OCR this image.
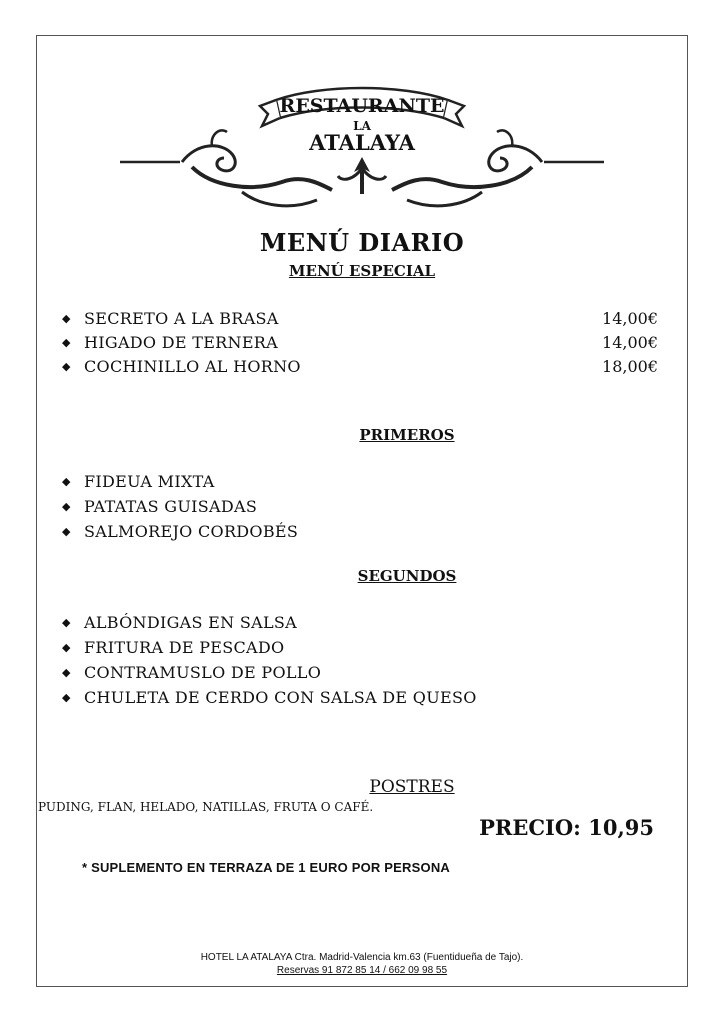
RESTAURANTE
LA
ATALAYA
MENÚ DIARIO
MENÚ ESPECIAL
◆ SECRETO A LA BRASA	14,00€
◆ HIGADO DE TERNERA	14,00€
◆ COCHINILLO AL HORNO	18,00€
PRIMEROS
◆ FIDEUA MIXTA
◆ PATATAS GUISADAS
◆ SALMOREJO CORDOBÉS
SEGUNDOS
◆ ALBÓNDIGAS EN SALSA
◆ FRITURA DE PESCADO
◆ CONTRAMUSLO DE POLLO
◆ CHULETA DE CERDO CON SALSA DE QUESO
POSTRES
PUDING, FLAN, HELADO, NATILLAS, FRUTA O CAFÉ.
PRECIO: 10,95
* SUPLEMENTO EN TERRAZA DE 1 EURO POR PERSONA
HOTEL LA ATALAYA Ctra. Madrid-Valencia km.63 (Fuentidueña de Tajo).
Reservas 91 872 85 14 / 662 09 98 55
